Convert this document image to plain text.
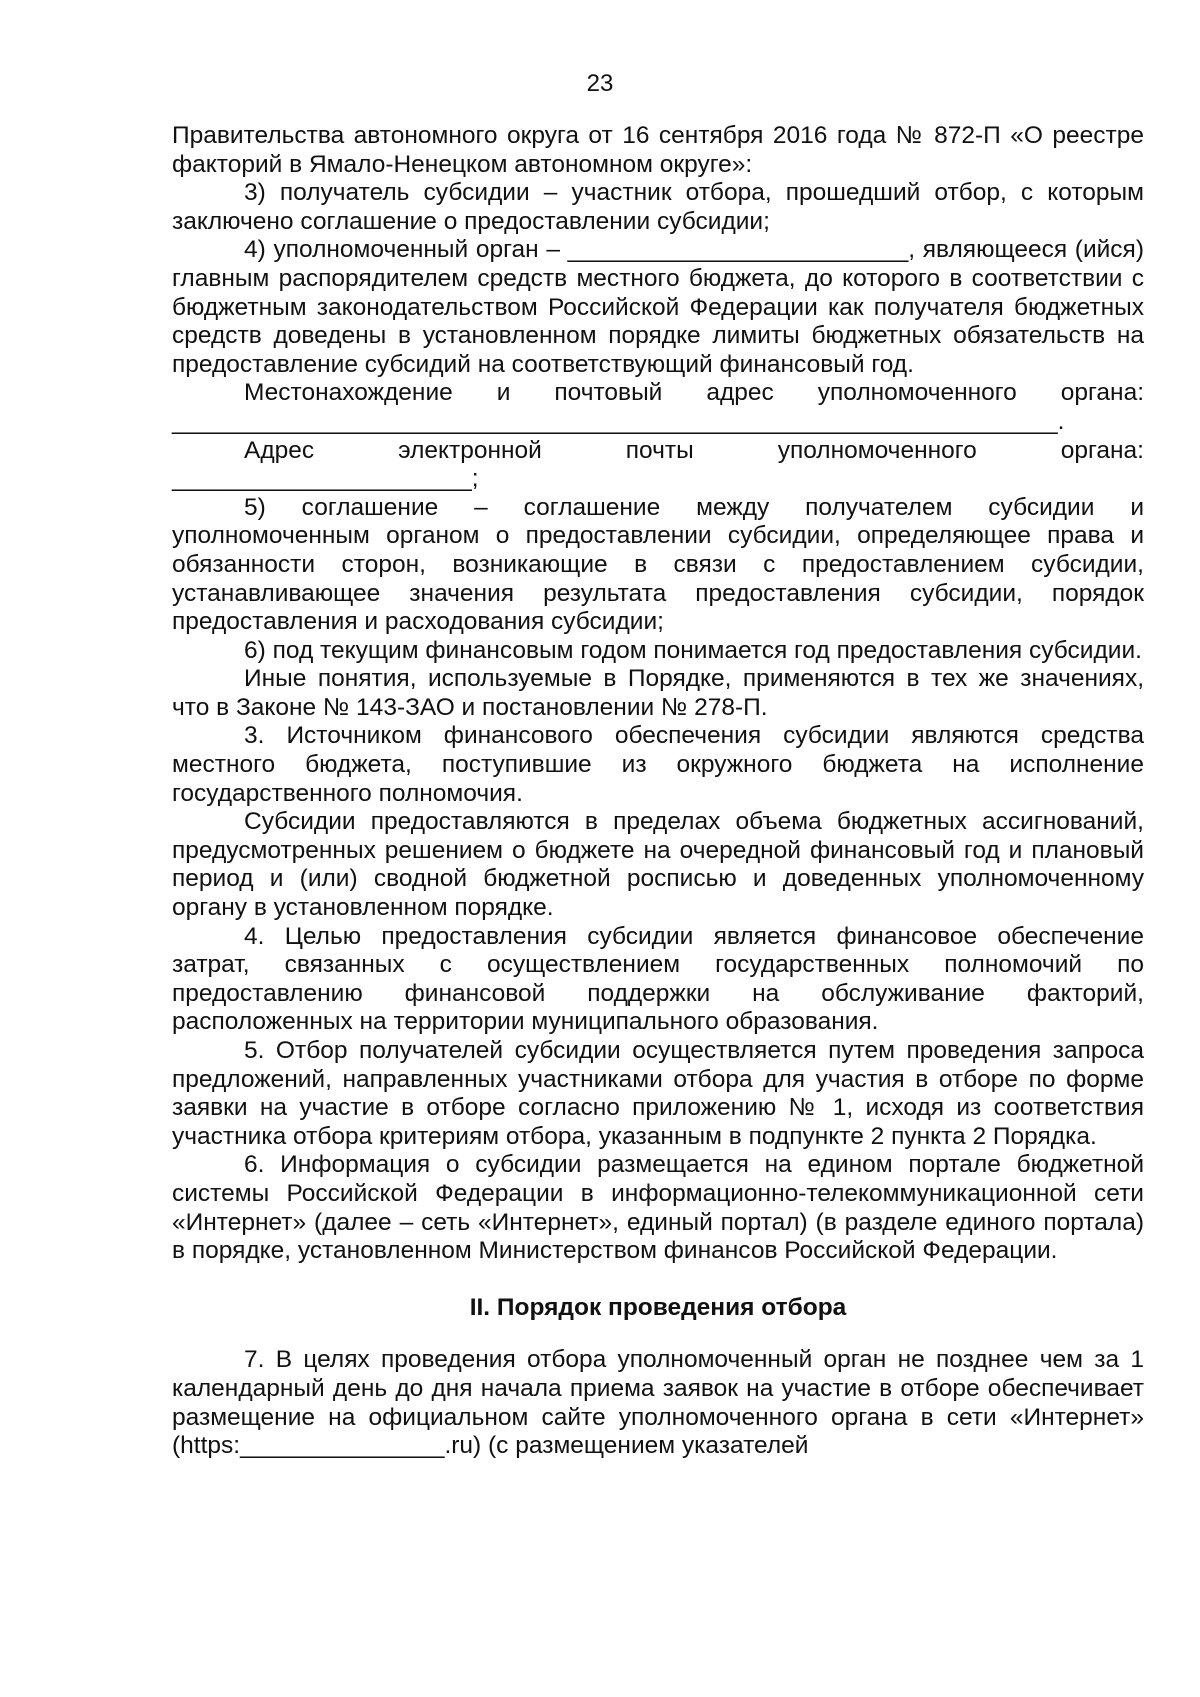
23

Правительства автономного округа от 16 сентября 2016 года № 872-П «О реестре факторий в Ямало-Ненецком автономном округе»:

3) получатель субсидии – участник отбора, прошедший отбор, с которым заключено соглашение о предоставлении субсидии;

4) уполномоченный орган – _________________________, являющееся (ийся) главным распорядителем средств местного бюджета, до которого в соответствии с бюджетным законодательством Российской Федерации как получателя бюджетных средств доведены в установленном порядке лимиты бюджетных обязательств на предоставление субсидий на соответствующий финансовый год.

Местонахождение и почтовый адрес уполномоченного органа: _________________________________________________________________.

Адрес электронной почты уполномоченного органа: ______________________;

5) соглашение – соглашение между получателем субсидии и уполномоченным органом о предоставлении субсидии, определяющее права и обязанности сторон, возникающие в связи с предоставлением субсидии, устанавливающее значения результата предоставления субсидии, порядок предоставления и расходования субсидии;

6) под текущим финансовым годом понимается год предоставления субсидии.

Иные понятия, используемые в Порядке, применяются в тех же значениях, что в Законе № 143-ЗАО и постановлении № 278-П.

3. Источником финансового обеспечения субсидии являются средства местного бюджета, поступившие из окружного бюджета на исполнение государственного полномочия.

Субсидии предоставляются в пределах объема бюджетных ассигнований, предусмотренных решением о бюджете на очередной финансовый год и плановый период и (или) сводной бюджетной росписью и доведенных уполномоченному органу в установленном порядке.

4. Целью предоставления субсидии является финансовое обеспечение затрат, связанных с осуществлением государственных полномочий по предоставлению финансовой поддержки на обслуживание факторий, расположенных на территории муниципального образования.

5. Отбор получателей субсидии осуществляется путем проведения запроса предложений, направленных участниками отбора для участия в отборе по форме заявки на участие в отборе согласно приложению № 1, исходя из соответствия участника отбора критериям отбора, указанным в подпункте 2 пункта 2 Порядка.

6. Информация о субсидии размещается на едином портале бюджетной системы Российской Федерации в информационно-телекоммуникационной сети «Интернет» (далее – сеть «Интернет», единый портал) (в разделе единого портала) в порядке, установленном Министерством финансов Российской Федерации.

II. Порядок проведения отбора

7. В целях проведения отбора уполномоченный орган не позднее чем за 1 календарный день до дня начала приема заявок на участие в отборе обеспечивает размещение на официальном сайте уполномоченного органа в сети «Интернет» (https:_______________.ru) (с размещением указателей
